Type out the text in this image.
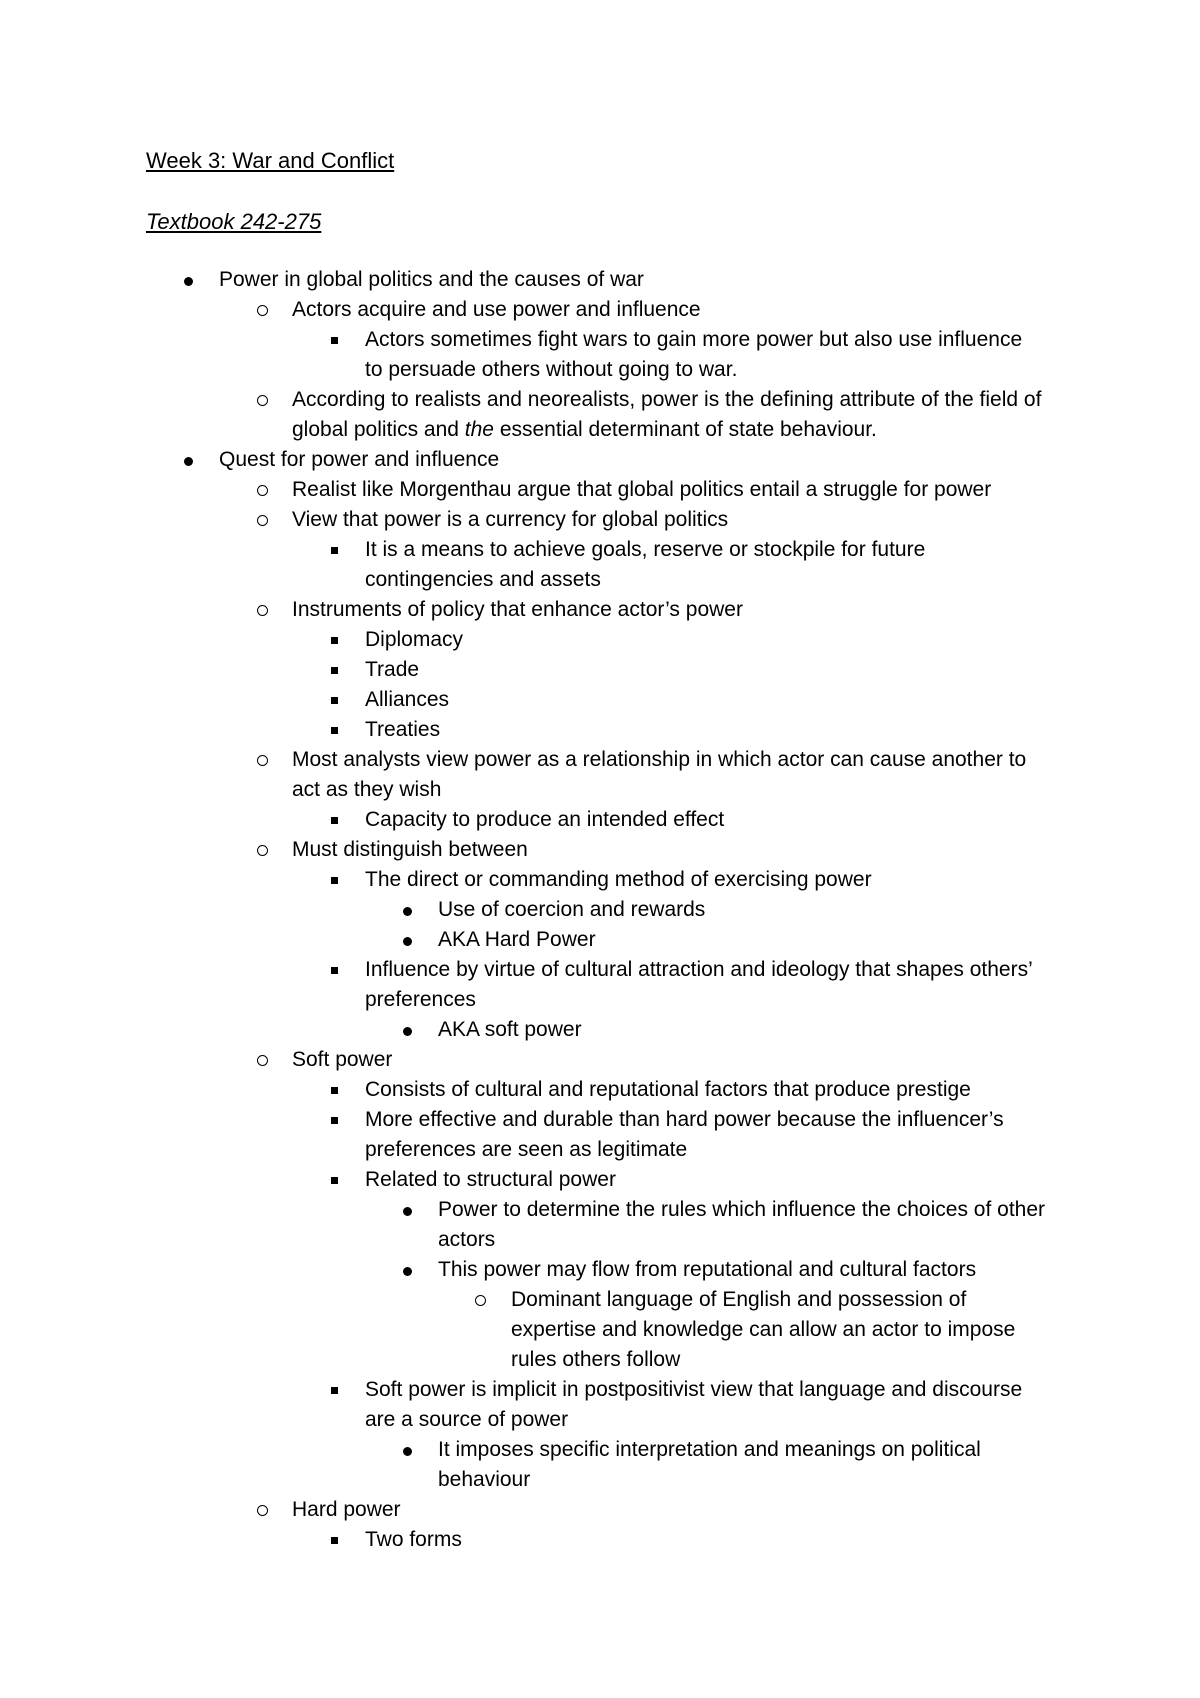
Week 3: War and Conflict
Textbook 242-275
Power in global politics and the causes of war
Actors acquire and use power and influence
Actors sometimes fight wars to gain more power but also use influence to persuade others without going to war.
According to realists and neorealists, power is the defining attribute of the field of global politics and the essential determinant of state behaviour.
Quest for power and influence
Realist like Morgenthau argue that global politics entail a struggle for power
View that power is a currency for global politics
It is a means to achieve goals, reserve or stockpile for future contingencies and assets
Instruments of policy that enhance actor’s power
Diplomacy
Trade
Alliances
Treaties
Most analysts view power as a relationship in which actor can cause another to act as they wish
Capacity to produce an intended effect
Must distinguish between
The direct or commanding method of exercising power
Use of coercion and rewards
AKA Hard Power
Influence by virtue of cultural attraction and ideology that shapes others’ preferences
AKA soft power
Soft power
Consists of cultural and reputational factors that produce prestige
More effective and durable than hard power because the influencer’s preferences are seen as legitimate
Related to structural power
Power to determine the rules which influence the choices of other actors
This power may flow from reputational and cultural factors
Dominant language of English and possession of expertise and knowledge can allow an actor to impose rules others follow
Soft power is implicit in postpositivist view that language and discourse are a source of power
It imposes specific interpretation and meanings on political behaviour
Hard power
Two forms
